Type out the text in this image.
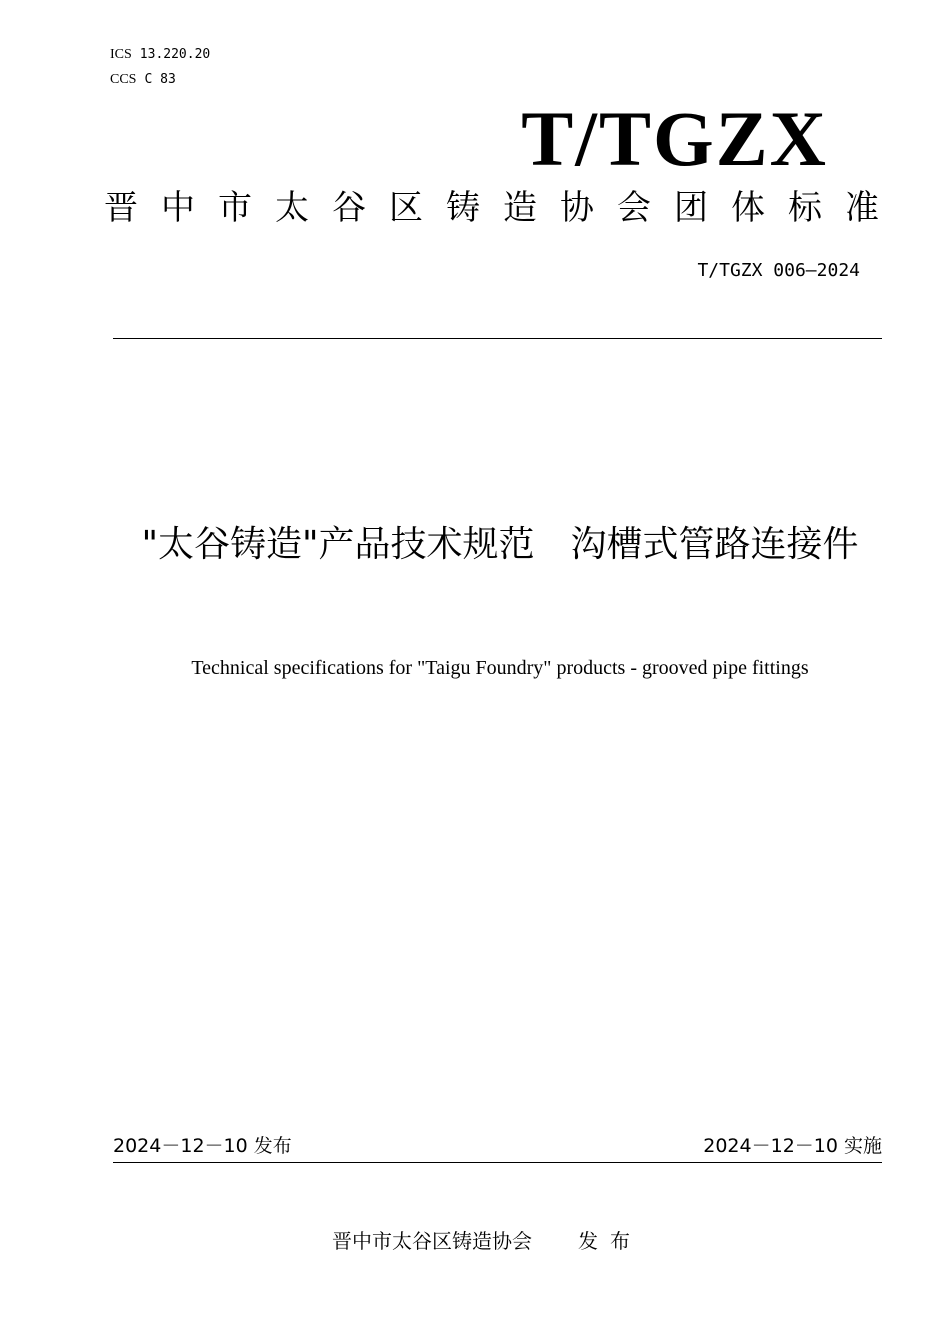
ICS 13.220.20
CCS C 83
T/TGZX
晋中市太谷区铸造协会团体标准
T/TGZX 006—2024
"太谷铸造"产品技术规范　沟槽式管路连接件
Technical specifications for "Taigu Foundry" products - grooved pipe fittings
2024－12－10 发布	2024－12－10 实施
晋中市太谷区铸造协会 发布
